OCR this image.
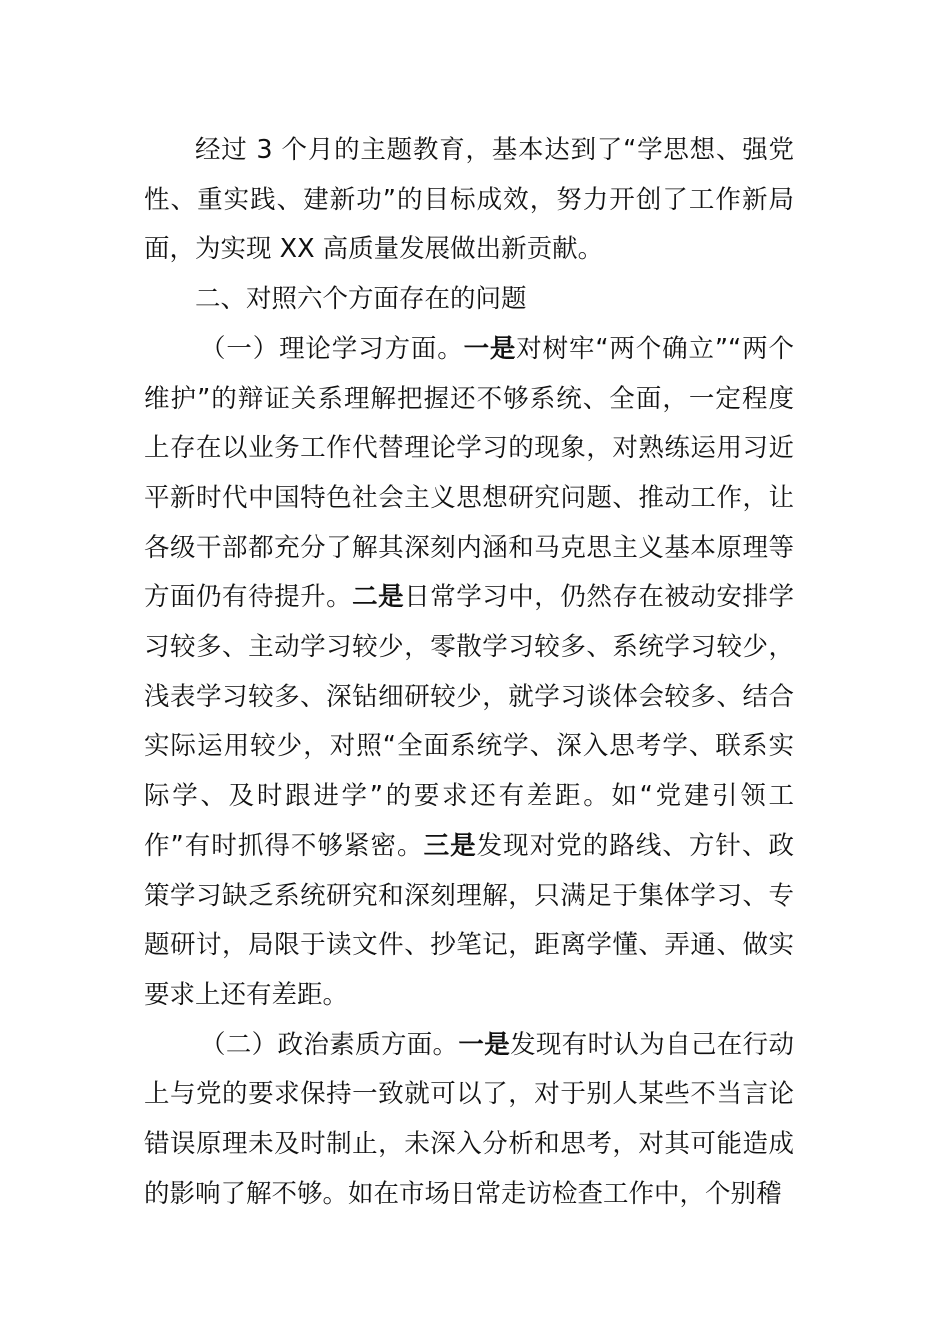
经过 3 个月的主题教育，基本达到了“学思想、强党性、重实践、建新功”的目标成效，努力开创了工作新局面，为实现 XX 高质量发展做出新贡献。

二、对照六个方面存在的问题

（一）理论学习方面。一是对树牢“两个确立”“两个维护”的辩证关系理解把握还不够系统、全面，一定程度上存在以业务工作代替理论学习的现象，对熟练运用习近平新时代中国特色社会主义思想研究问题、推动工作，让各级干部都充分了解其深刻内涵和马克思主义基本原理等方面仍有待提升。二是日常学习中，仍然存在被动安排学习较多、主动学习较少，零散学习较多、系统学习较少，浅表学习较多、深钻细研较少，就学习谈体会较多、结合实际运用较少，对照“全面系统学、深入思考学、联系实际学、及时跟进学”的要求还有差距。如“党建引领工作”有时抓得不够紧密。三是发现对党的路线、方针、政策学习缺乏系统研究和深刻理解，只满足于集体学习、专题研讨，局限于读文件、抄笔记，距离学懂、弄通、做实要求上还有差距。

（二）政治素质方面。一是发现有时认为自己在行动上与党的要求保持一致就可以了，对于别人某些不当言论错误原理未及时制止，未深入分析和思考，对其可能造成的影响了解不够。如在市场日常走访检查工作中，个别稽
